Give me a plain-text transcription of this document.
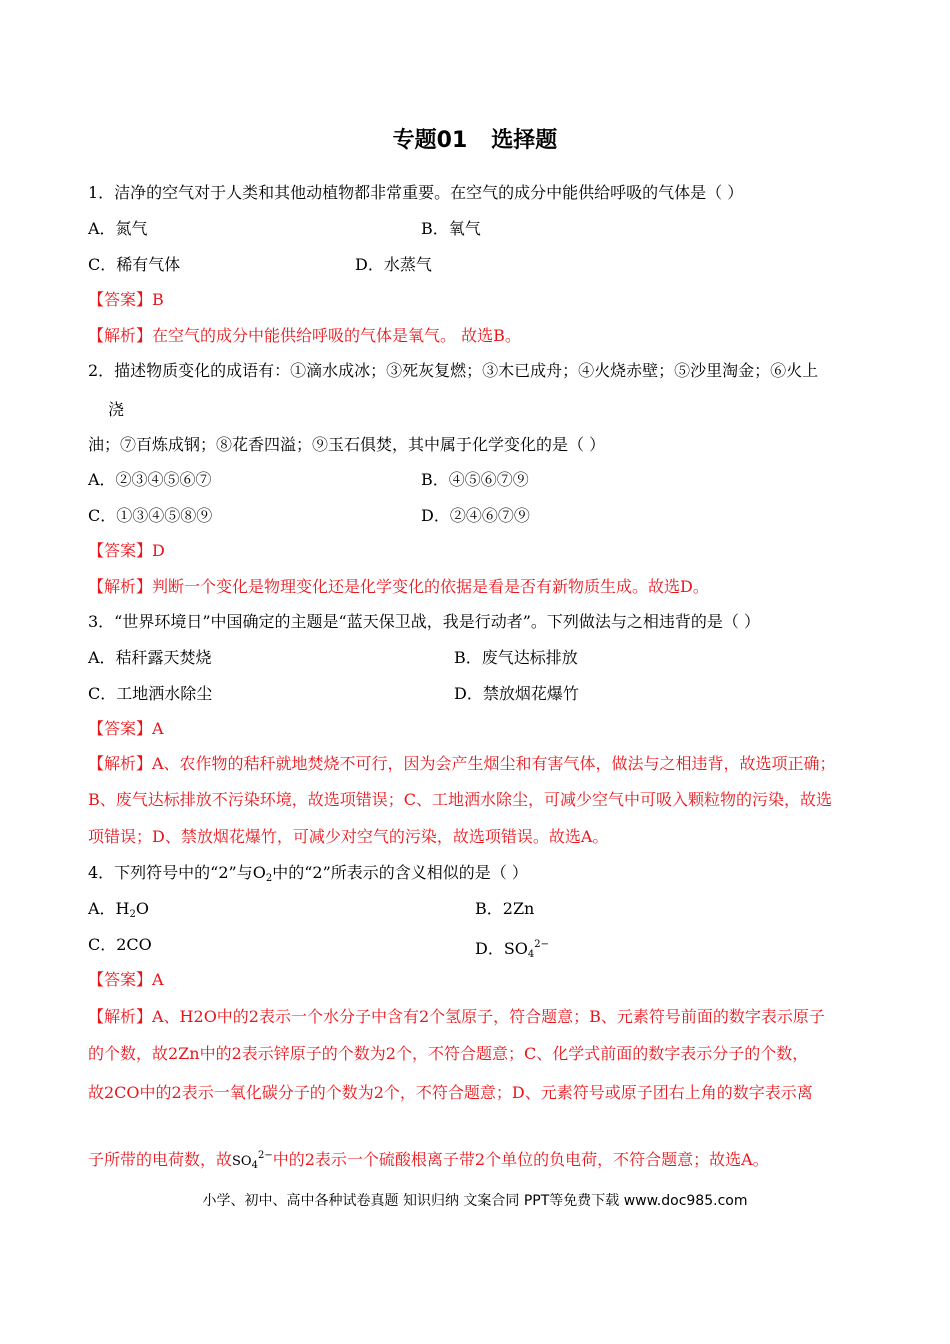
专题01 选择题
1．洁净的空气对于人类和其他动植物都非常重要。在空气的成分中能供给呼吸的气体是（ ）
A．氮气	B．氧气
C．稀有气体	D．水蒸气
【答案】B
【解析】在空气的成分中能供给呼吸的气体是氧气。 故选B。
2．描述物质变化的成语有：①滴水成冰；③死灰复燃；③木已成舟；④火烧赤壁；⑤沙里淘金；⑥火上
浇
油；⑦百炼成钢；⑧花香四溢；⑨玉石俱焚，其中属于化学变化的是（ ）
A．②③④⑤⑥⑦	B．④⑤⑥⑦⑨
C．①③④⑤⑧⑨	D．②④⑥⑦⑨
【答案】D
【解析】判断一个变化是物理变化还是化学变化的依据是看是否有新物质生成。故选D。
3．“世界环境日”中国确定的主题是“蓝天保卫战，我是行动者”。下列做法与之相违背的是（ ）
A．秸秆露天焚烧	B．废气达标排放
C．工地洒水除尘	D．禁放烟花爆竹
【答案】A
【解析】A、农作物的秸秆就地焚烧不可行，因为会产生烟尘和有害气体，做法与之相违背，故选项正确；
B、废气达标排放不污染环境，故选项错误；C、工地洒水除尘，可减少空气中可吸入颗粒物的污染，故选
项错误；D、禁放烟花爆竹，可减少对空气的污染，故选项错误。故选A。
4．下列符号中的“2”与$O_2$中的“2”所表示的含义相似的是（ ）
A．$H_2O$	B．2Zn
C．2CO	D．$SO_4^{2-}$
【答案】A
【解析】A、H2O中的2表示一个水分子中含有2个氢原子，符合题意；B、元素符号前面的数字表示原子
的个数，故2Zn中的2表示锌原子的个数为2个，不符合题意；C、化学式前面的数字表示分子的个数，
故2CO中的2表示一氧化碳分子的个数为2个，不符合题意；D、元素符号或原子团右上角的数字表示离
子所带的电荷数，故$SO_4^{2-}$中的2表示一个硫酸根离子带2个单位的负电荷，不符合题意；故选A。
小学、初中、高中各种试卷真题 知识归纳 文案合同 PPT等免费下载 www.doc985.com
